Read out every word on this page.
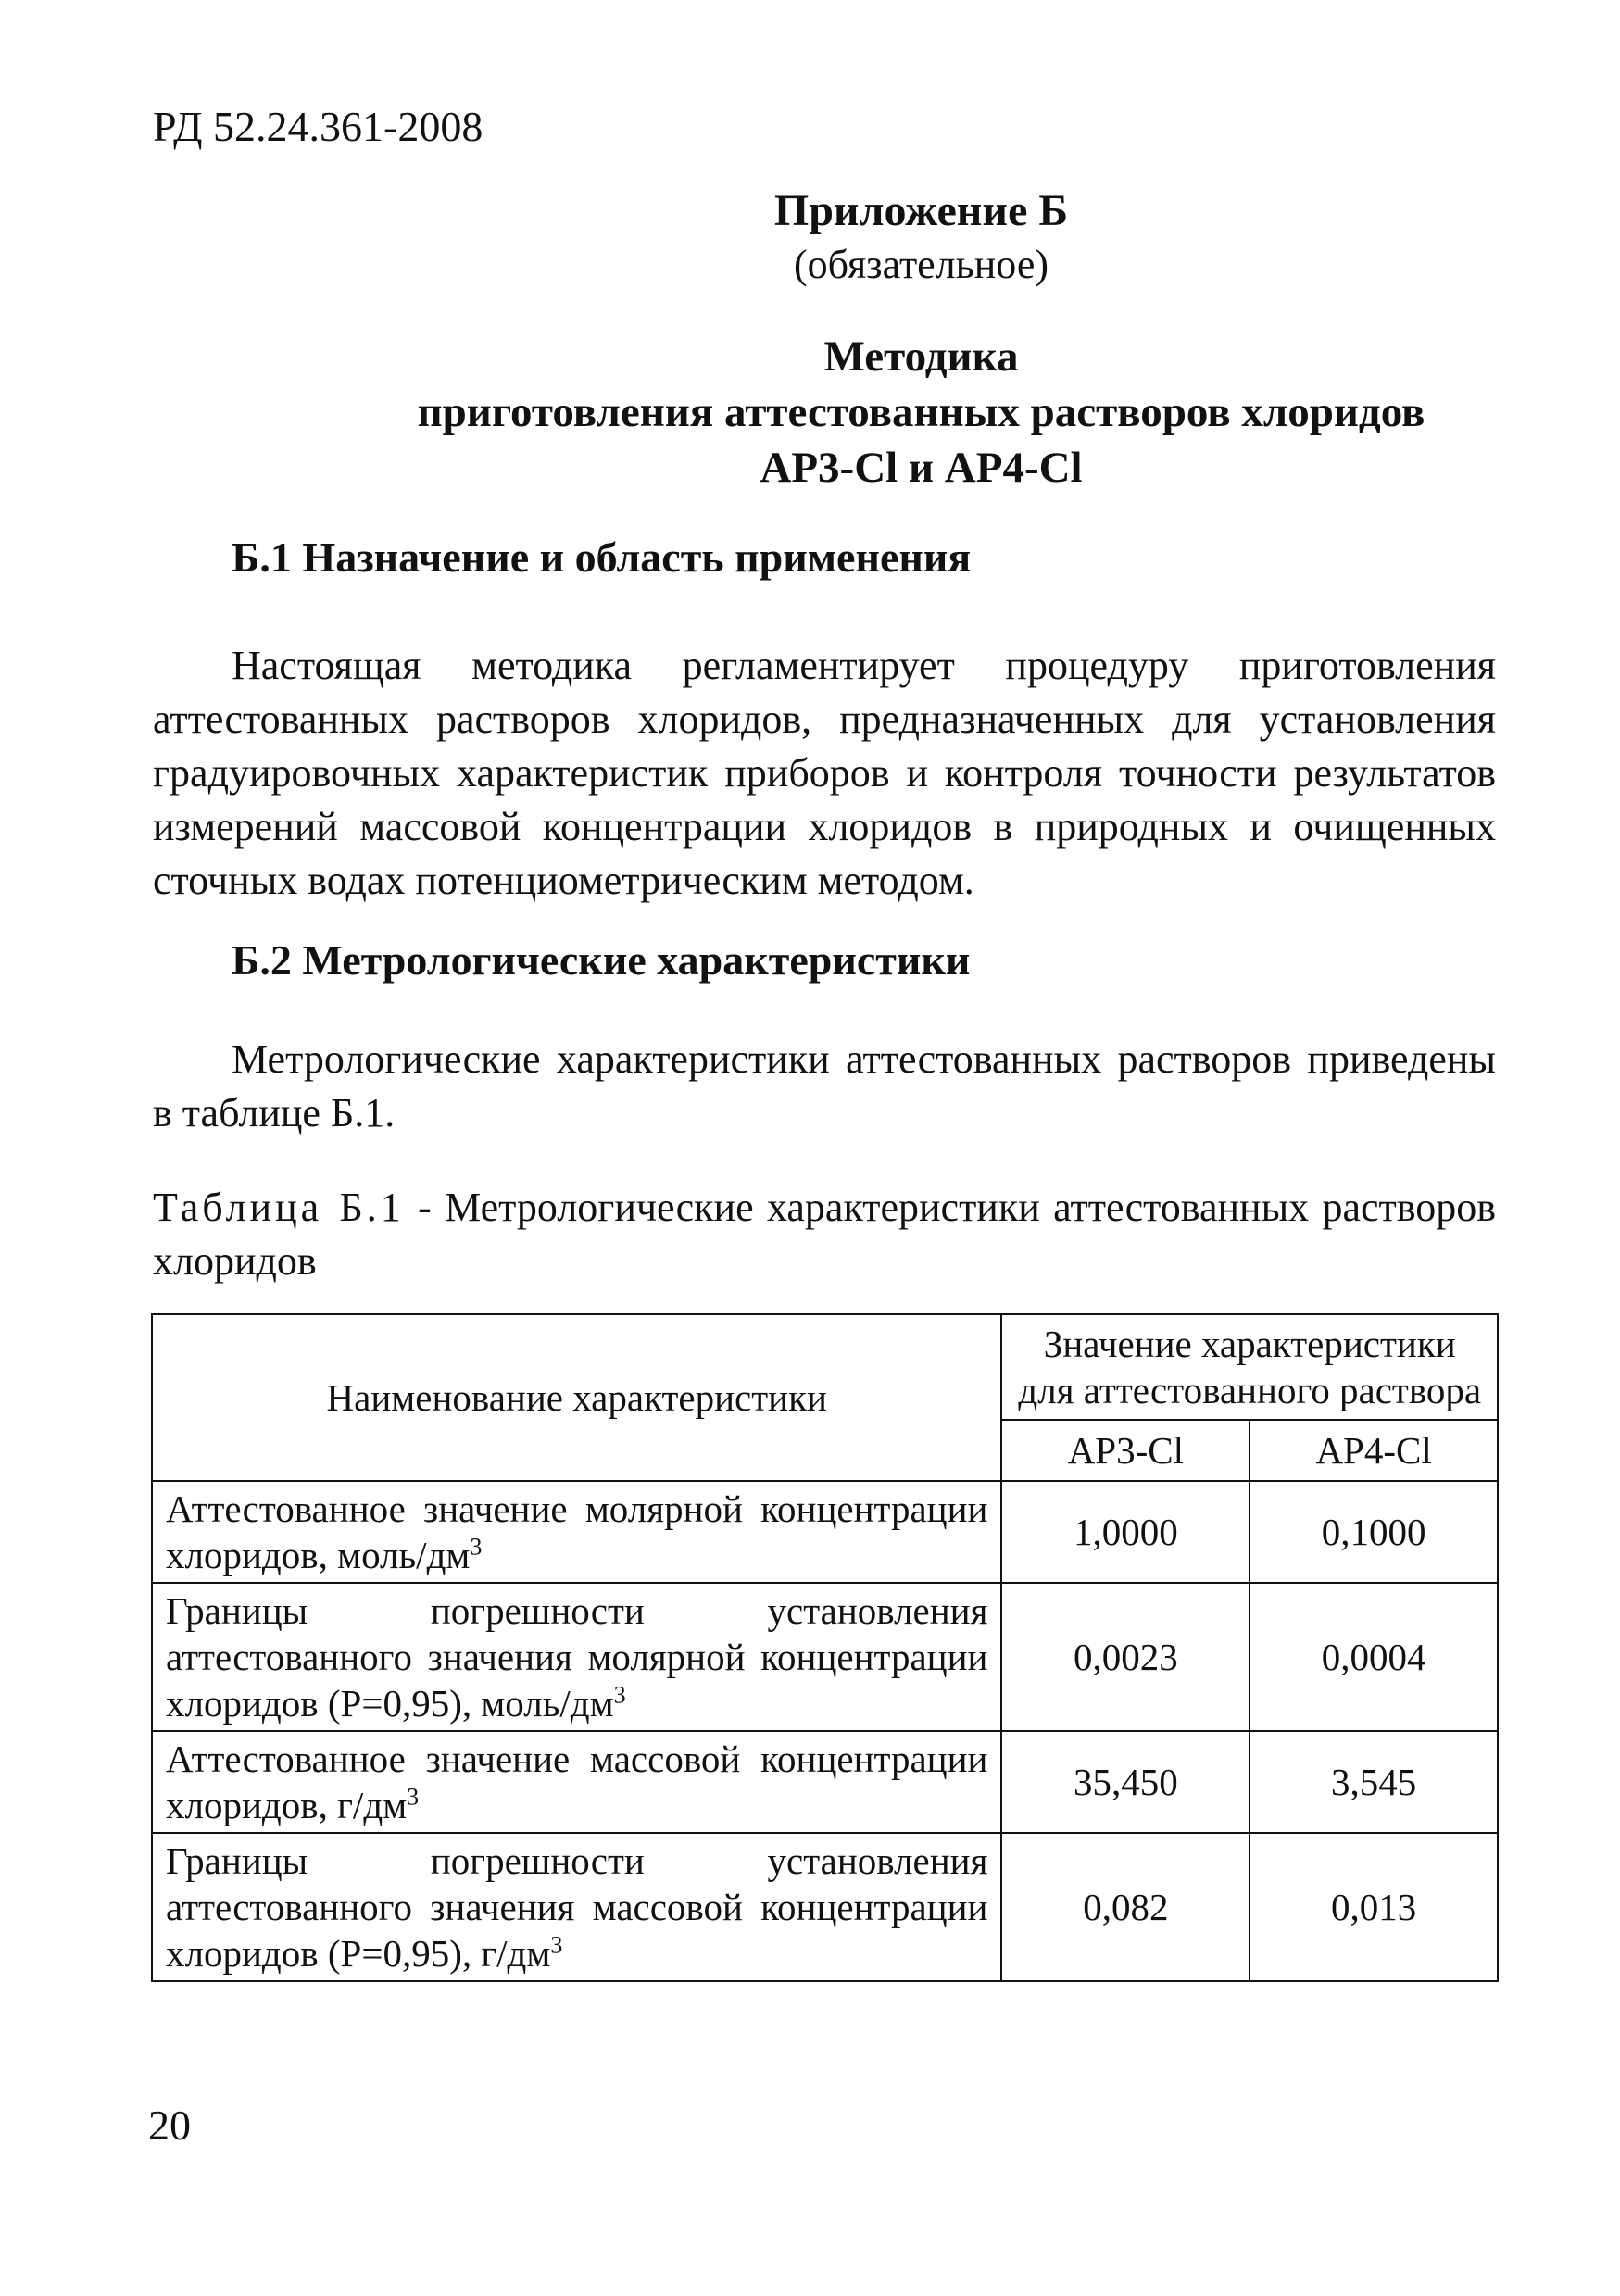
РД 52.24.361-2008
Приложение Б
(обязательное)
Методика
приготовления аттестованных растворов хлоридов
АР3-Cl и АР4-Cl
Б.1 Назначение и область применения
Настоящая методика регламентирует процедуру приготовления аттестованных растворов хлоридов, предназначенных для установления градуировочных характеристик приборов и контроля точности результатов измерений массовой концентрации хлоридов в природных и очищенных сточных водах потенциометрическим методом.
Б.2 Метрологические характеристики
Метрологические характеристики аттестованных растворов приведены в таблице Б.1.
Таблица Б.1 - Метрологические характеристики аттестованных растворов хлоридов
Наименование характеристики	Значение характеристики для аттестованного раствора	
	АР3-Cl	АР4-Cl
Аттестованное значение молярной концентрации хлоридов, моль/$дм^3$	1,0000	0,1000
Границы погрешности установления аттестованного значения молярной концентрации хлоридов (Р=0,95), моль/$дм^3$	0,0023	0,0004
Аттестованное значение массовой концентрации хлоридов, $г/дм^3$	35,450	3,545
Границы погрешности установления аттестованного значения массовой концентрации хлоридов (Р=0,95), $г/дм^3$	0,082	0,013
20
